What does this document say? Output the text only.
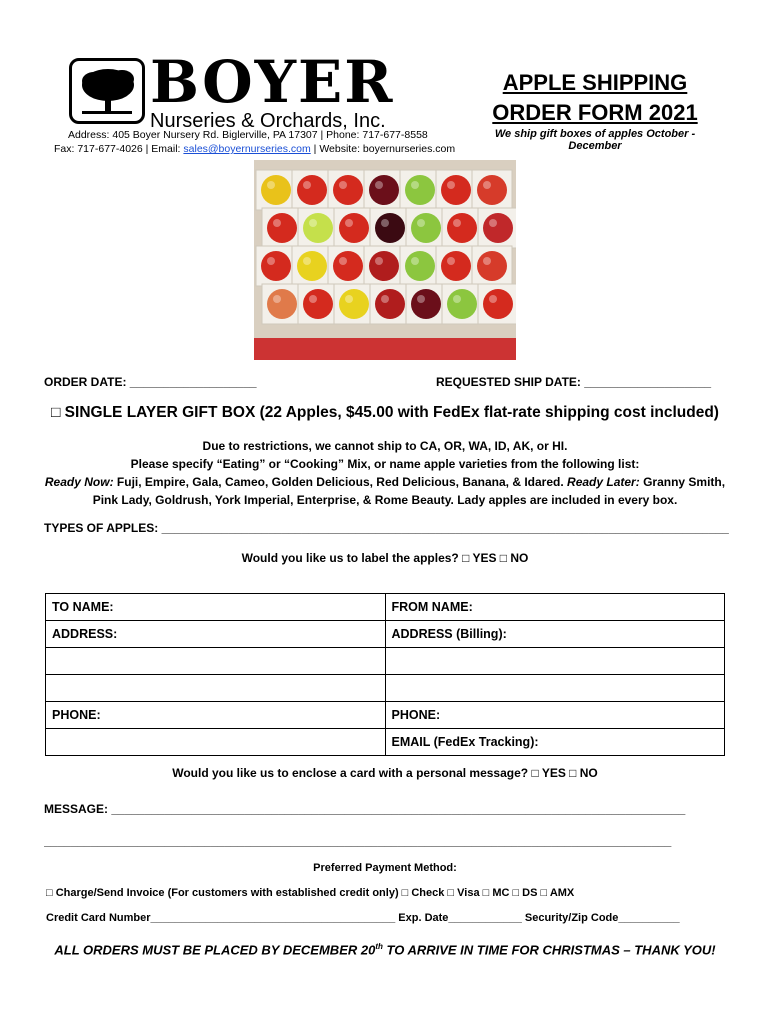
BOYER
Nurseries & Orchards, Inc.
Address: 405 Boyer Nursery Rd. Biglerville, PA 17307 | Phone: 717-677-8558
Fax: 717-677-4026 | Email: sales@boyernurseries.com | Website: boyernurseries.com
APPLE SHIPPING
ORDER FORM 2021
We ship gift boxes of apples October - December
ORDER DATE: ___________________	REQUESTED SHIP DATE: ___________________
□ SINGLE LAYER GIFT BOX (22 Apples, $45.00 with FedEx flat-rate shipping cost included)
Due to restrictions, we cannot ship to CA, OR, WA, ID, AK, or HI.
Please specify “Eating” or “Cooking” Mix, or name apple varieties from the following list:
Ready Now: Fuji, Empire, Gala, Cameo, Golden Delicious, Red Delicious, Banana, & Idared. Ready Later: Granny Smith, Pink Lady, Goldrush, York Imperial, Enterprise, & Rome Beauty. Lady apples are included in every box.
TYPES OF APPLES: _____________________________________________________________________________________
Would you like us to label the apples? □ YES □ NO
TO NAME:	FROM NAME:
ADDRESS:	ADDRESS (Billing):

PHONE:	PHONE:
	EMAIL (FedEx Tracking):
Would you like us to enclose a card with a personal message? □ YES □ NO
MESSAGE: ______________________________________________________________________________________
______________________________________________________________________________________________
Preferred Payment Method:
□ Charge/Send Invoice (For customers with established credit only) □ Check □ Visa □ MC □ DS □ AMX
Credit Card Number________________________________________ Exp. Date____________ Security/Zip Code__________
ALL ORDERS MUST BE PLACED BY DECEMBER 20th TO ARRIVE IN TIME FOR CHRISTMAS – THANK YOU!
